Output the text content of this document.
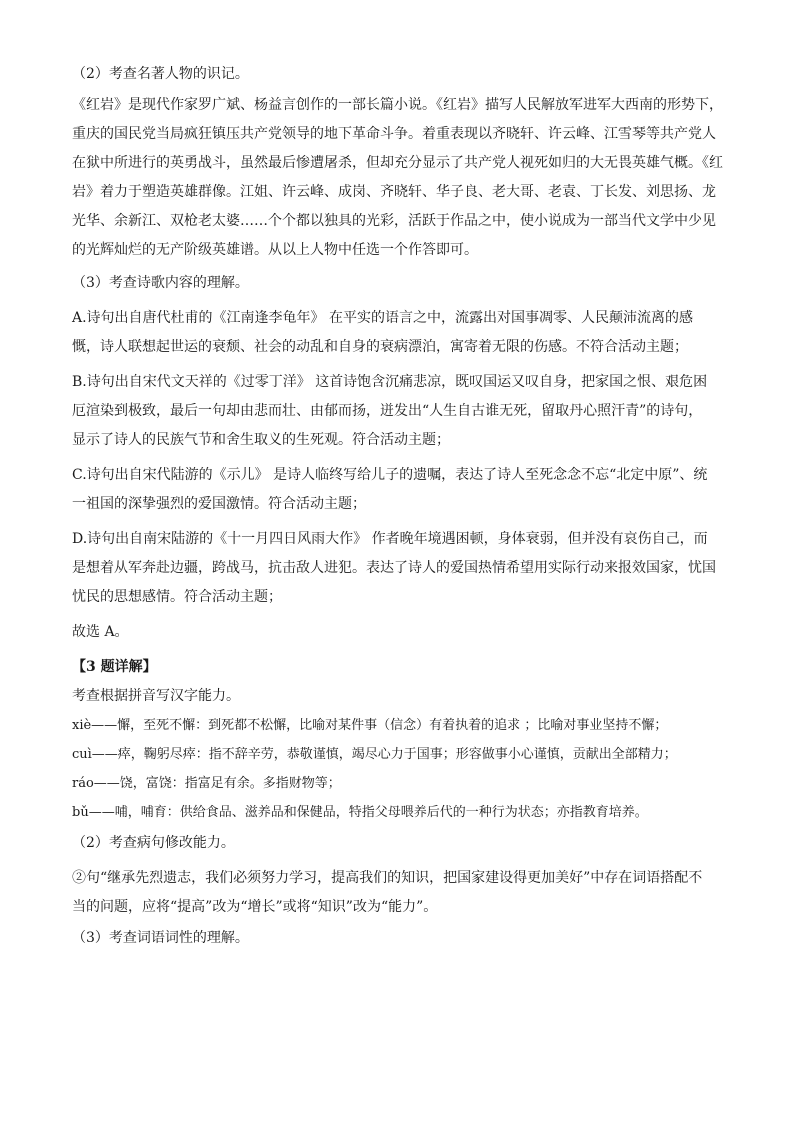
（2）考查名著人物的识记。

《红岩》是现代作家罗广斌、杨益言创作的一部长篇小说。《红岩》描写人民解放军进军大西南的形势下，
重庆的国民党当局疯狂镇压共产党领导的地下革命斗争。着重表现以齐晓轩、许云峰、江雪琴等共产党人
在狱中所进行的英勇战斗，虽然最后惨遭屠杀，但却充分显示了共产党人视死如归的大无畏英雄气概。《红
岩》着力于塑造英雄群像。江姐、许云峰、成岗、齐晓轩、华子良、老大哥、老袁、丁长发、刘思扬、龙
光华、余新江、双枪老太婆……个个都以独具的光彩，活跃于作品之中，使小说成为一部当代文学中少见
的光辉灿烂的无产阶级英雄谱。从以上人物中任选一个作答即可。

（3）考查诗歌内容的理解。

A.诗句出自唐代杜甫的《江南逢李龟年》 在平实的语言之中，流露出对国事凋零、人民颠沛流离的感
慨，诗人联想起世运的衰颓、社会的动乱和自身的衰病漂泊，寓寄着无限的伤感。不符合活动主题；

B.诗句出自宋代文天祥的《过零丁洋》 这首诗饱含沉痛悲凉，既叹国运又叹自身，把家国之恨、艰危困
厄渲染到极致，最后一句却由悲而壮、由郁而扬，迸发出“人生自古谁无死，留取丹心照汗青”的诗句，
显示了诗人的民族气节和舍生取义的生死观。符合活动主题；

C.诗句出自宋代陆游的《示儿》 是诗人临终写给儿子的遗嘱，表达了诗人至死念念不忘“北定中原”、统
一祖国的深挚强烈的爱国激情。符合活动主题；

D.诗句出自南宋陆游的《十一月四日风雨大作》 作者晚年境遇困顿，身体衰弱，但并没有哀伤自己，而
是想着从军奔赴边疆，跨战马，抗击敌人进犯。表达了诗人的爱国热情希望用实际行动来报效国家，忧国
忧民的思想感情。符合活动主题；

故选 A。

【3 题详解】

考查根据拼音写汉字能力。

xiè——懈，至死不懈：到死都不松懈，比喻对某件事（信念）有着执着的追求 ；比喻对事业坚持不懈；
cuì——瘁，鞠躬尽瘁：指不辞辛劳，恭敬谨慎，竭尽心力于国事；形容做事小心谨慎，贡献出全部精力；
ráo——饶，富饶：指富足有余。多指财物等；
bǔ——哺，哺育：供给食品、滋养品和保健品，特指父母喂养后代的一种行为状态；亦指教育培养。

（2）考查病句修改能力。

②句“继承先烈遗志，我们必须努力学习，提高我们的知识，把国家建设得更加美好”中存在词语搭配不
当的问题，应将“提高”改为“增长”或将“知识”改为“能力”。

（3）考查词语词性的理解。
